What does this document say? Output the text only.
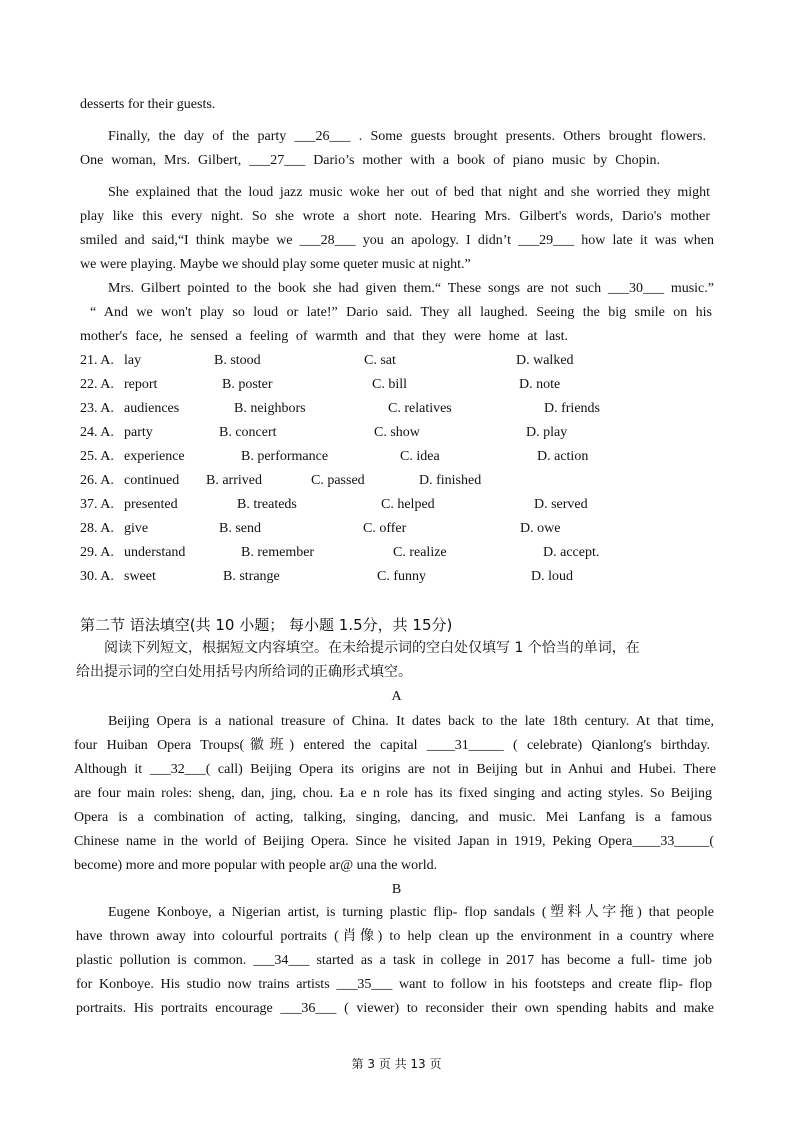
desserts for their guests.
Finally, the day of the party ___26___ . Some guests brought presents. Others brought flowers.
One woman, Mrs. Gilbert, ___27___ Dario’s mother with a book of piano music by Chopin.
She explained that the loud jazz music woke her out of bed that night and she worried they might
play like this every night. So she wrote a short note. Hearing Mrs. Gilbert's words, Dario's mother
smiled and said,“I think maybe we ___28___ you an apology. I didn’t ___29___ how late it was when
we were playing. Maybe we should play some queter music at night.”
Mrs. Gilbert pointed to the book she had given them.“ These songs are not such ___30___ music.”
“ And we won't play so loud or late!” Dario said. They all laughed. Seeing the big smile on his
mother's face, he sensed a feeling of warmth and that they were home at last.
21. A. lay	B. stood	C. sat	D. walked
22. A. report	B. poster	C. bill	D. note
23. A. audiences	B. neighbors	C. relatives	D. friends
24. A. party	B. concert	C. show	D. play
25. A. experience	B. performance	C. idea	D. action
26. A. continued B. arrived	C. passed	D. finished
37. A. presented	B. treateds	C. helped	D. served
28. A. give	B. send	C. offer	D. owe
29. A. understand	B. remember	C. realize	D. accept.
30. A. sweet	B. strange	C. funny	D. loud
第二节 语法填空(共 10 小题； 每小题 1.5分，共 15分)
阅读下列短文，根据短文内容填空。在未给提示词的空白处仅填写 1 个恰当的单词，在
给出提示词的空白处用括号内所给词的正确形式填空。
A
Beijing Opera is a national treasure of China. It dates back to the late 18th century. At that time,
four Huiban Opera Troups(徽班) entered the capital ____31_____ ( celebrate) Qianlong's birthday.
Although it ___32___( call) Beijing Opera its origins are not in Beijing but in Anhui and Hubei. There
are four main roles: sheng, dan, jing, chou. Ła e n role has its fixed singing and acting styles. So Beijing
Opera is a combination of acting, talking, singing, dancing, and music. Mei Lanfang is a famous
Chinese name in the world of Beijing Opera. Since he visited Japan in 1919, Peking Opera____33_____(
become) more and more popular with people ar@ una the world.
B
Eugene Konboye, a Nigerian artist, is turning plastic flip- flop sandals (塑料人字拖) that people
have thrown away into colourful portraits (肖像) to help clean up the environment in a country where
plastic pollution is common. ___34___ started as a task in college in 2017 has become a full- time job
for Konboye. His studio now trains artists ___35___ want to follow in his footsteps and create flip- flop
portraits. His portraits encourage ___36___ ( viewer) to reconsider their own spending habits and make
第 3 页 共 13 页
